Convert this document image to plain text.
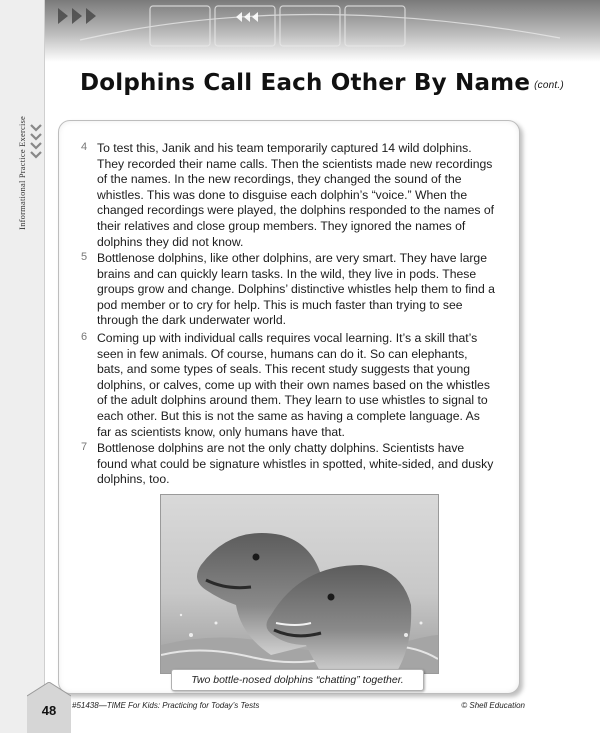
Informational Practice Exercise
Dolphins Call Each Other By Name (cont.)
4 To test this, Janik and his team temporarily captured 14 wild dolphins. They recorded their name calls. Then the scientists made new recordings of the names. In the new recordings, they changed the sound of the whistles. This was done to disguise each dolphin’s “voice.” When the changed recordings were played, the dolphins responded to the names of their relatives and close group members. They ignored the names of dolphins they did not know.
5 Bottlenose dolphins, like other dolphins, are very smart. They have large brains and can quickly learn tasks. In the wild, they live in pods. These groups grow and change. Dolphins’ distinctive whistles help them to find a pod member or to cry for help. This is much faster than trying to see through the dark underwater world.
6 Coming up with individual calls requires vocal learning. It’s a skill that’s seen in few animals. Of course, humans can do it. So can elephants, bats, and some types of seals. This recent study suggests that young dolphins, or calves, come up with their own names based on the whistles of the adult dolphins around them. They learn to use whistles to signal to each other. But this is not the same as having a complete language. As far as scientists know, only humans have that.
7 Bottlenose dolphins are not the only chatty dolphins. Scientists have found what could be signature whistles in spotted, white-sided, and dusky dolphins, too.
Two bottle-nosed dolphins “chatting” together.
48	#51438—TIME For Kids: Practicing for Today’s Tests	© Shell Education
